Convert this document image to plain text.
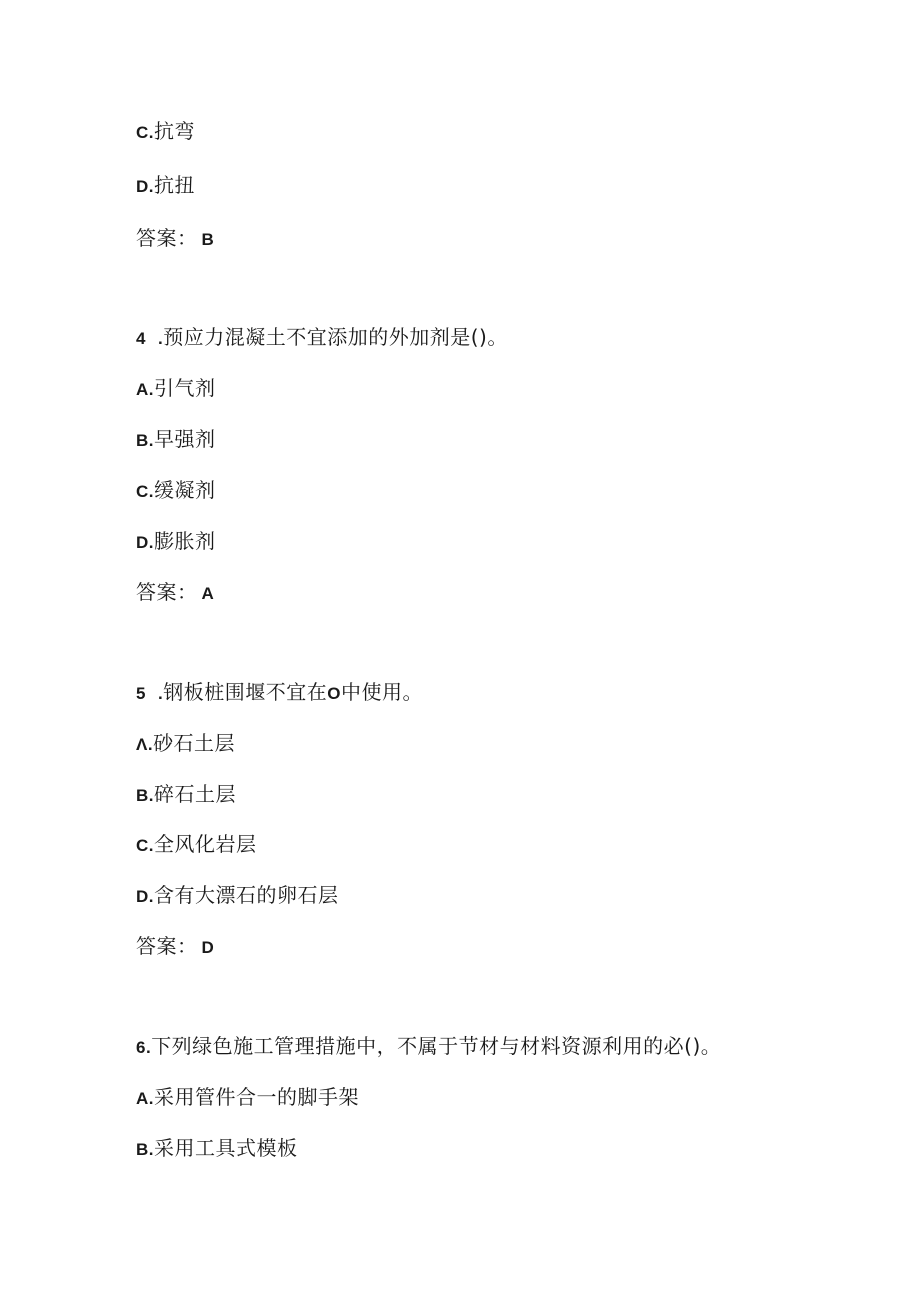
C.抗弯
D.抗扭
答案： B
4 .预应力混凝土不宜添加的外加剂是()。
A.引气剂
B.早强剂
C.缓凝剂
D.膨胀剂
答案： A
5 .钢板桩围堰不宜在O中使用。
Λ.砂石土层
B.碎石土层
C.全风化岩层
D.含有大漂石的卵石层
答案： D
6.下列绿色施工管理措施中，不属于节材与材料资源利用的必()。
A.采用管件合一的脚手架
B.采用工具式模板
